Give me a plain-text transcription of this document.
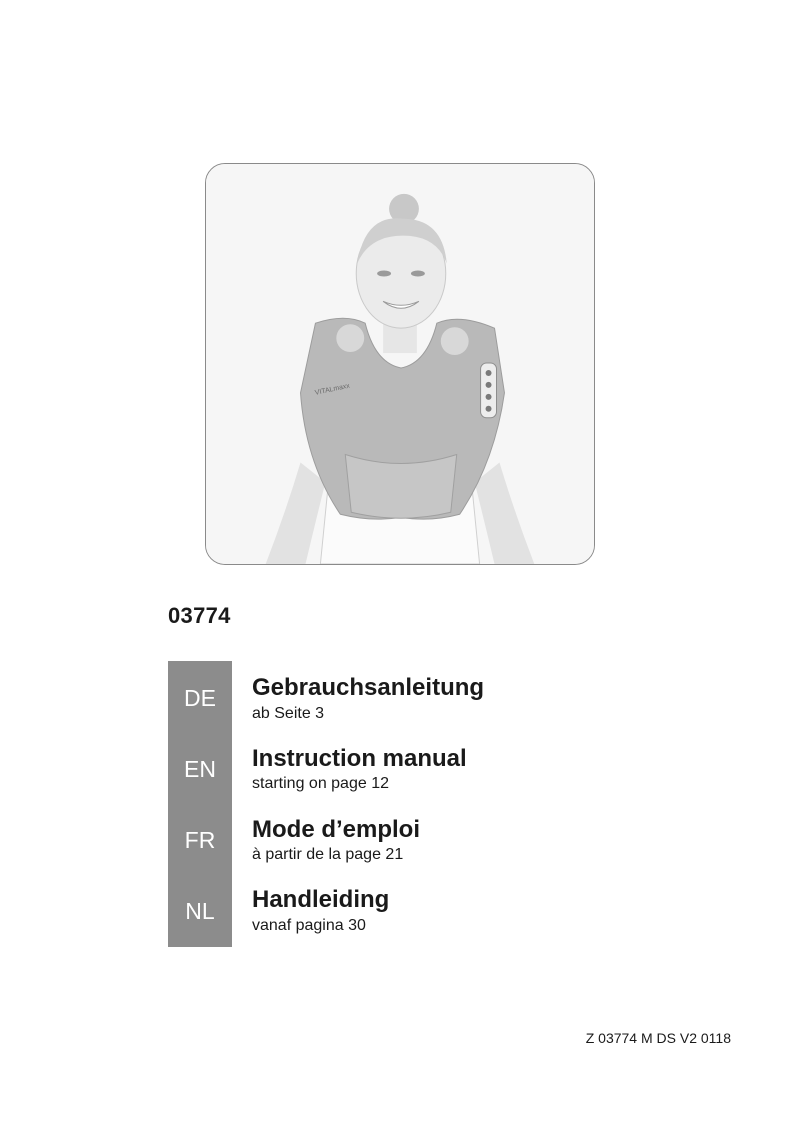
VITALmaxx
03774
DE	Gebrauchsanleitung
ab Seite 3
EN	Instruction manual
starting on page 12
FR	Mode d’emploi
à partir de la page 21
NL	Handleiding
vanaf pagina 30
Z 03774 M DS V2 0118
